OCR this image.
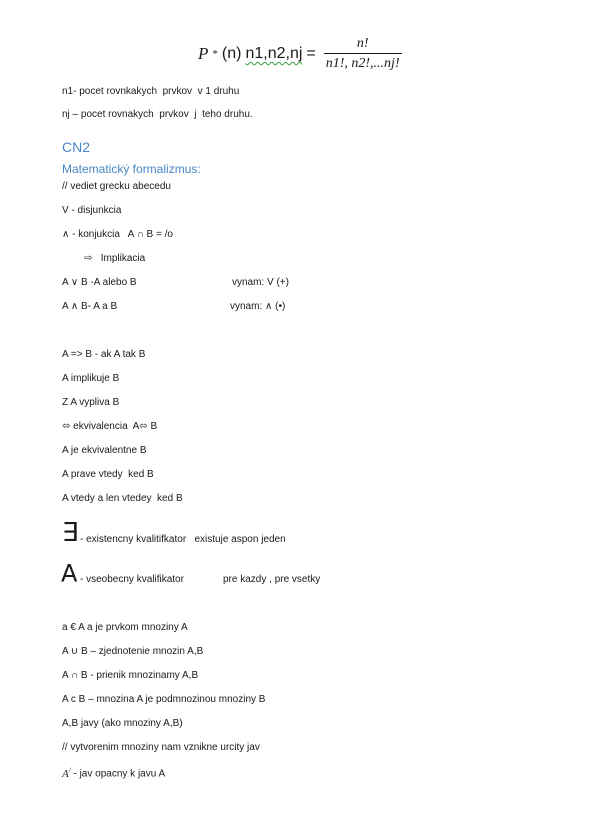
P * (n) $n1,n2,nj = \frac{n!}{n1!, n2!,...nj!}$
n1- pocet rovnkakych  prvkov  v 1 druhu
nj – pocet rovnakych  prvkov  j  teho druhu.
CN2
Matematický formalizmus:
// vediet grecku abecedu
V - disjunkcia
∧ - konjukcia   A ∩ B = /o
⇨   Implikacia
A ∨ B -A alebo B	vynam: V (+)
A ∧ B- A a B	vynam: ∧ (•)
A => B - ak A tak B
A implikuje B
Z A vypliva B
⬄ ekvivalencia  A⬄ B
A je ekvivalentne B
A prave vtedy  ked B
A vtedy a len vtedey  ked B
∃ - existencny kvalitifkator   existuje aspon jeden
∀ - vseobecny kvalifikator	pre kazdy , pre vsetky
a € A a je prvkom mnoziny A
A ∪ B – zjednotenie mnozin A,B
A ∩ B - prienik mnozinamy A,B
A c B – mnozina A je podmnozinou mnoziny B
A,B javy (ako mnoziny A,B)
// vytvorenim mnoziny nam vznikne urcity jav
A/ - jav opacny k javu A
